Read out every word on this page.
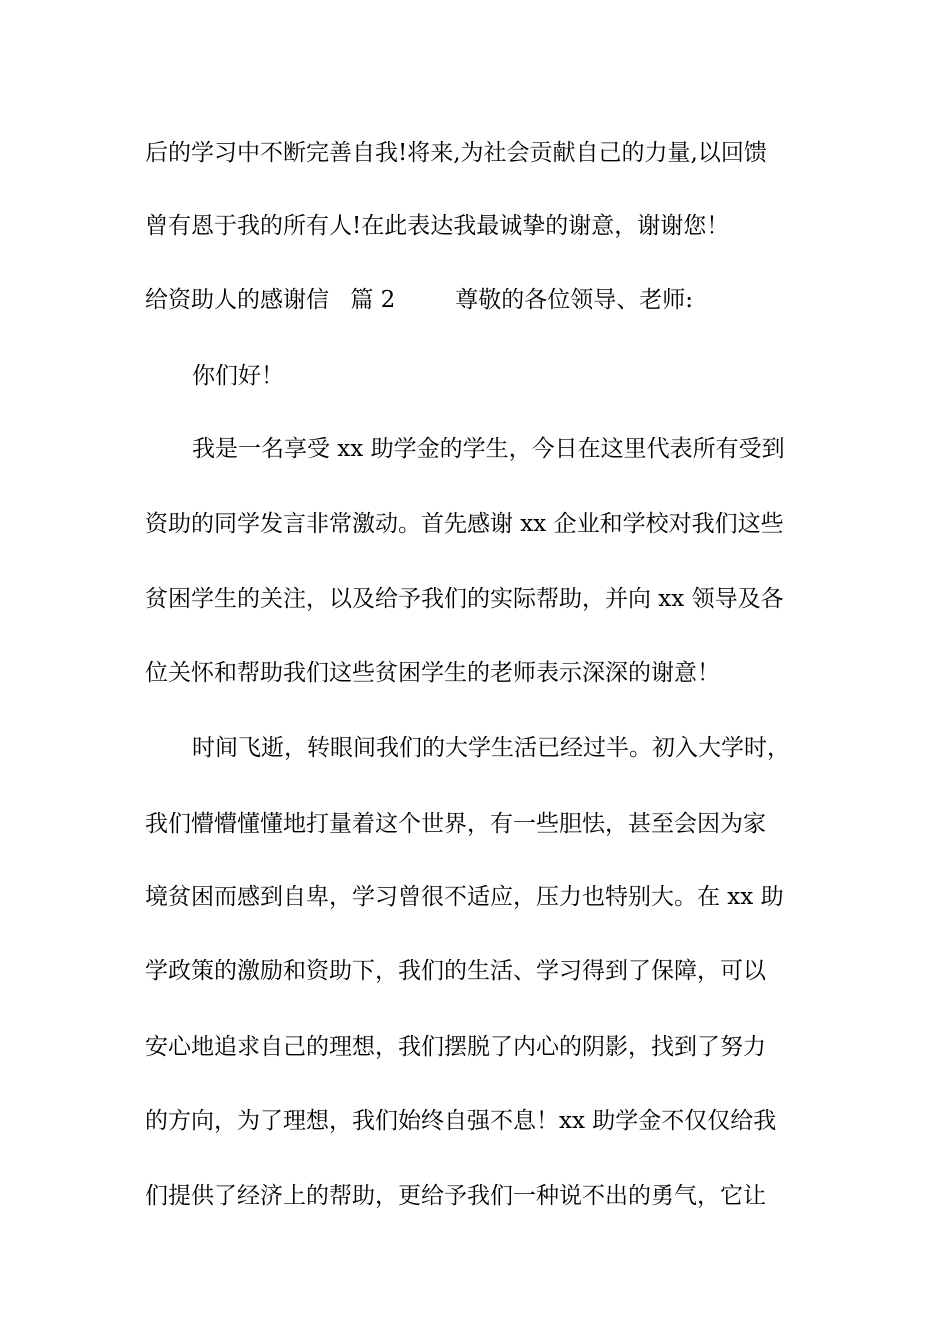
后的学习中不断完善自我!将来,为社会贡献自己的力量,以回馈
曾有恩于我的所有人!在此表达我最诚挚的谢意，谢谢您！
给资助人的感谢信 篇 2	尊敬的各位领导、老师:
你们好！
我是一名享受 xx 助学金的学生，今日在这里代表所有受到
资助的同学发言非常激动。首先感谢 xx 企业和学校对我们这些
贫困学生的关注，以及给予我们的实际帮助，并向 xx 领导及各
位关怀和帮助我们这些贫困学生的老师表示深深的谢意！
时间飞逝，转眼间我们的大学生活已经过半。初入大学时，
我们懵懵懂懂地打量着这个世界，有一些胆怯，甚至会因为家
境贫困而感到自卑，学习曾很不适应，压力也特别大。在 xx 助
学政策的激励和资助下，我们的生活、学习得到了保障，可以
安心地追求自己的理想，我们摆脱了内心的阴影，找到了努力
的方向，为了理想，我们始终自强不息！xx 助学金不仅仅给我
们提供了经济上的帮助，更给予我们一种说不出的勇气，它让
